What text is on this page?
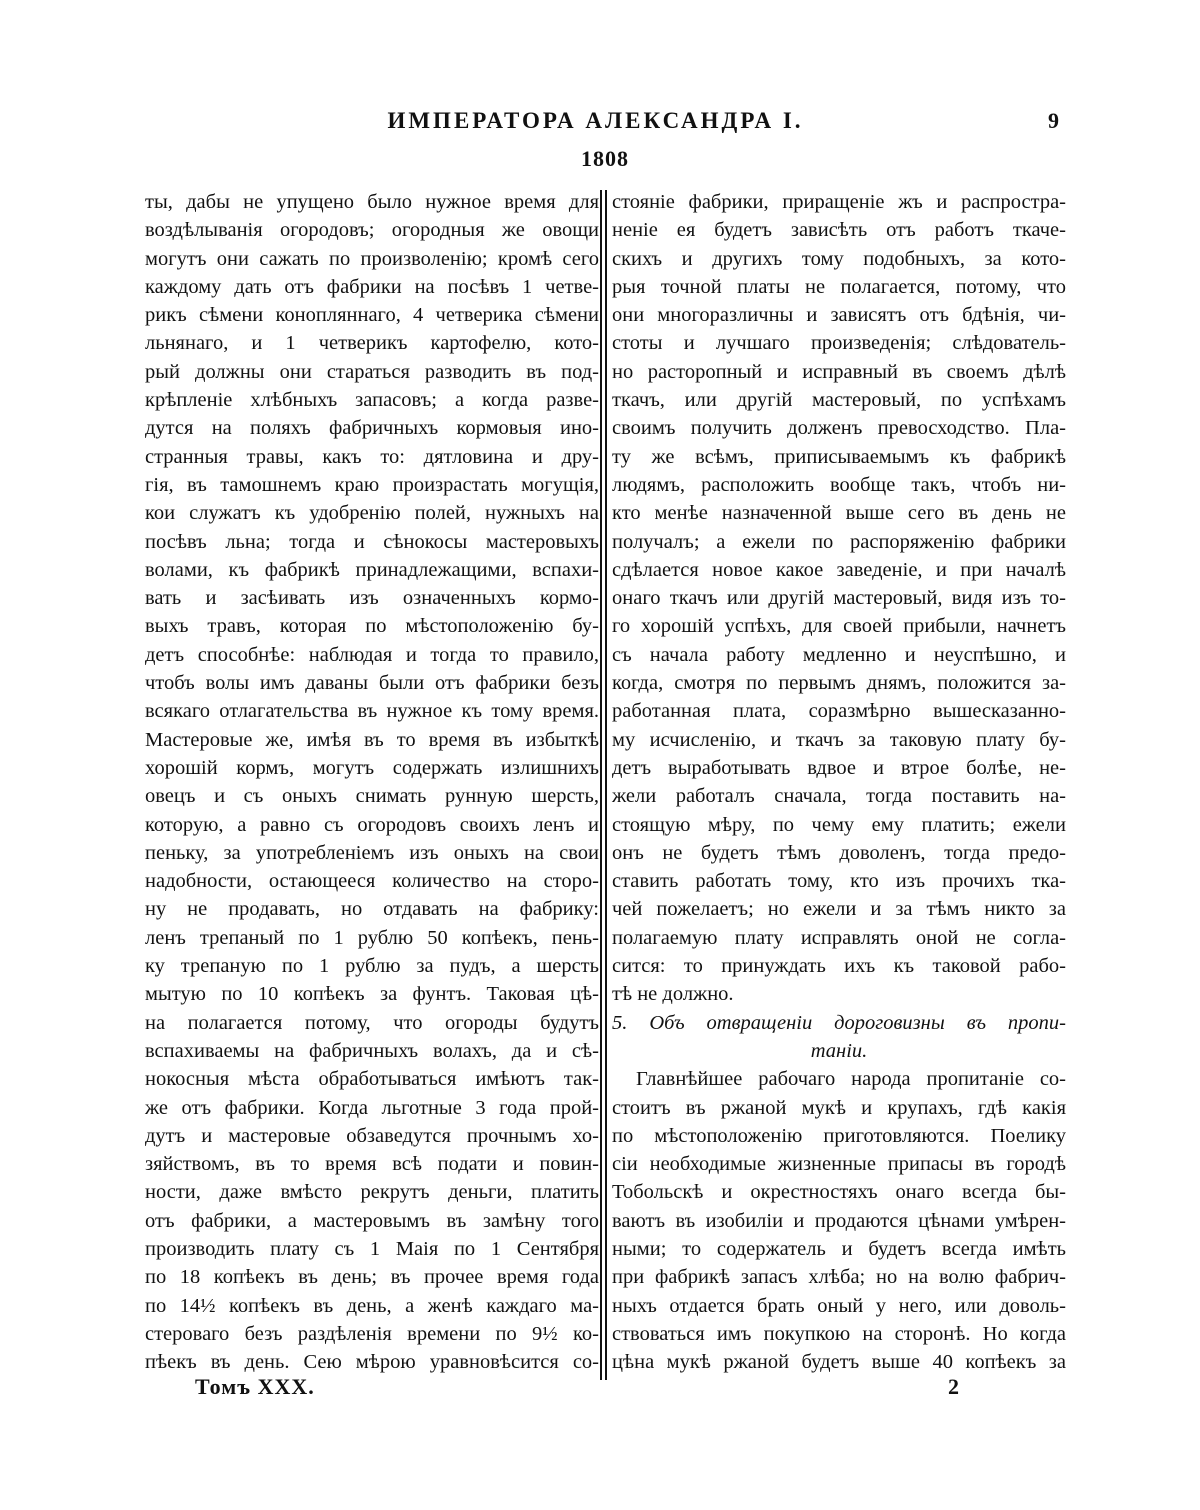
ИМПЕРАТОРА АЛЕКСАНДРА I.	9
1808
ты, дабы не упущено было нужное время для
воздѣлыванія огородовъ; огородныя же овощи
могутъ они сажать по произволенію; кромѣ сего
каждому дать отъ фабрики на посѣвъ 1 четве-
рикъ сѣмени конопляннаго, 4 четверика сѣмени
льнянаго, и 1 четверикъ картофелю, кото-
рый должны они стараться разводить въ под-
крѣпленіе хлѣбныхъ запасовъ; а когда разве-
дутся на поляхъ фабричныхъ кормовыя ино-
странныя травы, какъ то: дятловина и дру-
гія, въ тамошнемъ краю произрастать могущія,
кои служатъ къ удобренію полей, нужныхъ на
посѣвъ льна; тогда и сѣнокосы мастеровыхъ
волами, къ фабрикѣ принадлежащими, вспахи-
вать и засѣивать изъ означенныхъ кормо-
выхъ травъ, которая по мѣстоположенію бу-
детъ способнѣе: наблюдая и тогда то правило,
чтобъ волы имъ даваны были отъ фабрики безъ
всякаго отлагательства въ нужное къ тому время.
Мастеровые же, имѣя въ то время въ избыткѣ
хорошій кормъ, могутъ содержать излишнихъ
овецъ и съ оныхъ снимать рунную шерсть,
которую, а равно съ огородовъ своихъ ленъ и
пеньку, за употребленіемъ изъ оныхъ на свои
надобности, остающееся количество на сторо-
ну не продавать, но отдавать на фабрику:
ленъ трепаный по 1 рублю 50 копѣекъ, пень-
ку трепаную по 1 рублю за пудъ, а шерсть
мытую по 10 копѣекъ за фунтъ. Таковая цѣ-
на полагается потому, что огороды будутъ
вспахиваемы на фабричныхъ волахъ, да и сѣ-
нокосныя мѣста обработываться имѣютъ так-
же отъ фабрики. Когда льготные 3 года прой-
дутъ и мастеровые обзаведутся прочнымъ хо-
зяйствомъ, въ то время всѣ подати и повин-
ности, даже вмѣсто рекрутъ деньги, платить
отъ фабрики, а мастеровымъ въ замѣну того
производить плату съ 1 Маія по 1 Сентября
по 18 копѣекъ въ день; въ прочее время года
по 14½ копѣекъ въ день, а женѣ каждаго ма-
стероваго безъ раздѣленія времени по 9½ ко-
пѣекъ въ день. Сею мѣрою уравновѣсится со-
стояніе фабрики, приращеніе жъ и распростра-
неніе ея будетъ зависѣть отъ работъ ткаче-
скихъ и другихъ тому подобныхъ, за кото-
рыя точной платы не полагается, потому, что
они многоразличны и зависятъ отъ бдѣнія, чи-
стоты и лучшаго произведенія; слѣдователь-
но расторопный и исправный въ своемъ дѣлѣ
ткачъ, или другій мастеровый, по успѣхамъ
своимъ получить долженъ превосходство. Пла-
ту же всѣмъ, приписываемымъ къ фабрикѣ
людямъ, расположить вообще такъ, чтобъ ни-
кто менѣе назначенной выше сего въ день не
получалъ; а ежели по распоряженію фабрики
сдѣлается новое какое заведеніе, и при началѣ
онаго ткачъ или другій мастеровый, видя изъ то-
го хорошій успѣхъ, для своей прибыли, начнетъ
съ начала работу медленно и неуспѣшно, и
когда, смотря по первымъ днямъ, положится за-
работанная плата, соразмѣрно вышесказанно-
му исчисленію, и ткачъ за таковую плату бу-
детъ выработывать вдвое и втрое болѣе, не-
жели работалъ сначала, тогда поставить на-
стоящую мѣру, по чему ему платить; ежели
онъ не будетъ тѣмъ доволенъ, тогда предо-
ставить работать тому, кто изъ прочихъ тка-
чей пожелаетъ; но ежели и за тѣмъ никто за
полагаемую плату исправлять оной не согла-
сится: то принуждать ихъ къ таковой рабо-
тѣ не должно.
5. Объ отвращеніи дороговизны въ пропи-
таніи.
Главнѣйшее рабочаго народа пропитаніе со-
стоитъ въ ржаной мукѣ и крупахъ, гдѣ какія
по мѣстоположенію приготовляются. Поелику
сіи необходимые жизненные припасы въ городѣ
Тобольскѣ и окрестностяхъ онаго всегда бы-
ваютъ въ изобиліи и продаются цѣнами умѣрен-
ными; то содержатель и будетъ всегда имѣть
при фабрикѣ запасъ хлѣба; но на волю фабрич-
ныхъ отдается брать оный у него, или доволь-
ствоваться имъ покупкою на сторонѣ. Но когда
цѣна мукѣ ржаной будетъ выше 40 копѣекъ за
Томъ XXX.	2
